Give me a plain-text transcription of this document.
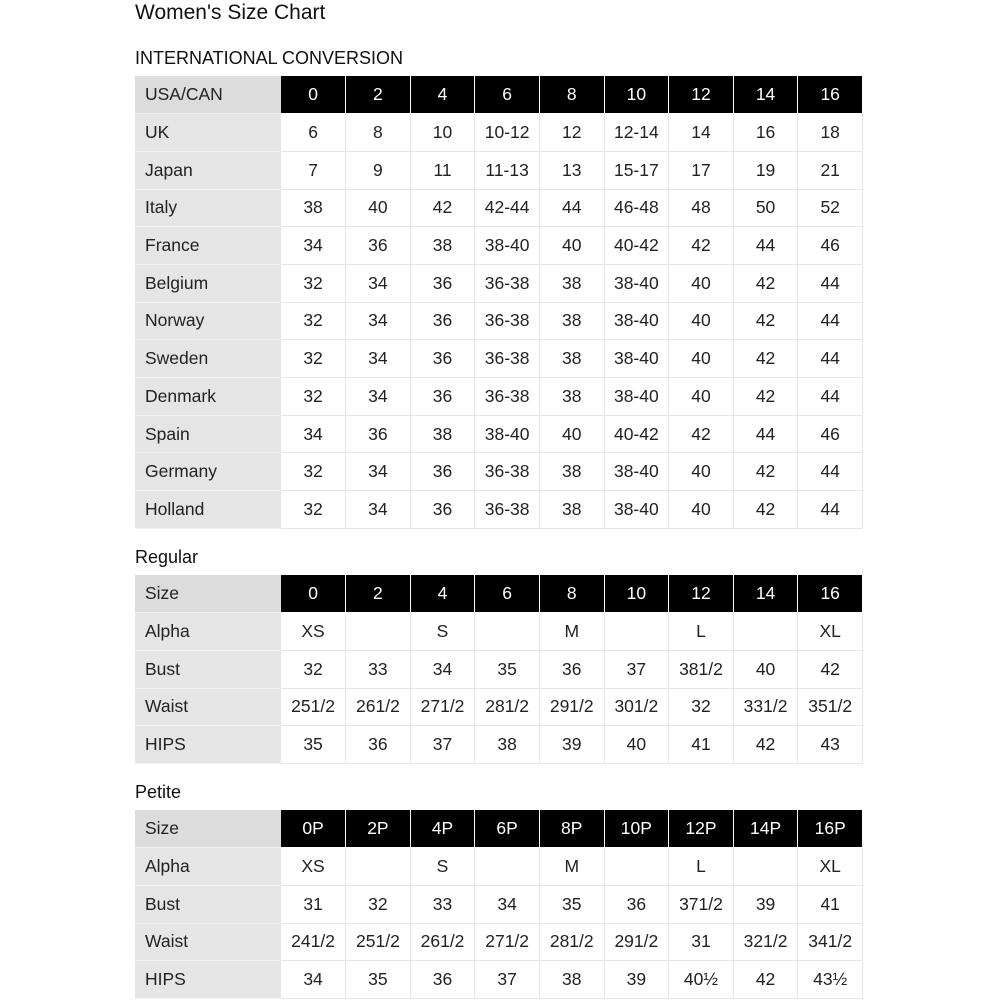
Women's Size Chart
INTERNATIONAL CONVERSION
USA/CAN	0	2	4	6	8	10	12	14	16
UK	6	8	10	10-12	12	12-14	14	16	18
Japan	7	9	11	11-13	13	15-17	17	19	21
Italy	38	40	42	42-44	44	46-48	48	50	52
France	34	36	38	38-40	40	40-42	42	44	46
Belgium	32	34	36	36-38	38	38-40	40	42	44
Norway	32	34	36	36-38	38	38-40	40	42	44
Sweden	32	34	36	36-38	38	38-40	40	42	44
Denmark	32	34	36	36-38	38	38-40	40	42	44
Spain	34	36	38	38-40	40	40-42	42	44	46
Germany	32	34	36	36-38	38	38-40	40	42	44
Holland	32	34	36	36-38	38	38-40	40	42	44
Regular
Size	0	2	4	6	8	10	12	14	16
Alpha	XS		S		M		L		XL
Bust	32	33	34	35	36	37	381/2	40	42
Waist	251/2	261/2	271/2	281/2	291/2	301/2	32	331/2	351/2
HIPS	35	36	37	38	39	40	41	42	43
Petite
Size	0P	2P	4P	6P	8P	10P	12P	14P	16P
Alpha	XS		S		M		L		XL
Bust	31	32	33	34	35	36	371/2	39	41
Waist	241/2	251/2	261/2	271/2	281/2	291/2	31	321/2	341/2
HIPS	34	35	36	37	38	39	40½	42	43½
